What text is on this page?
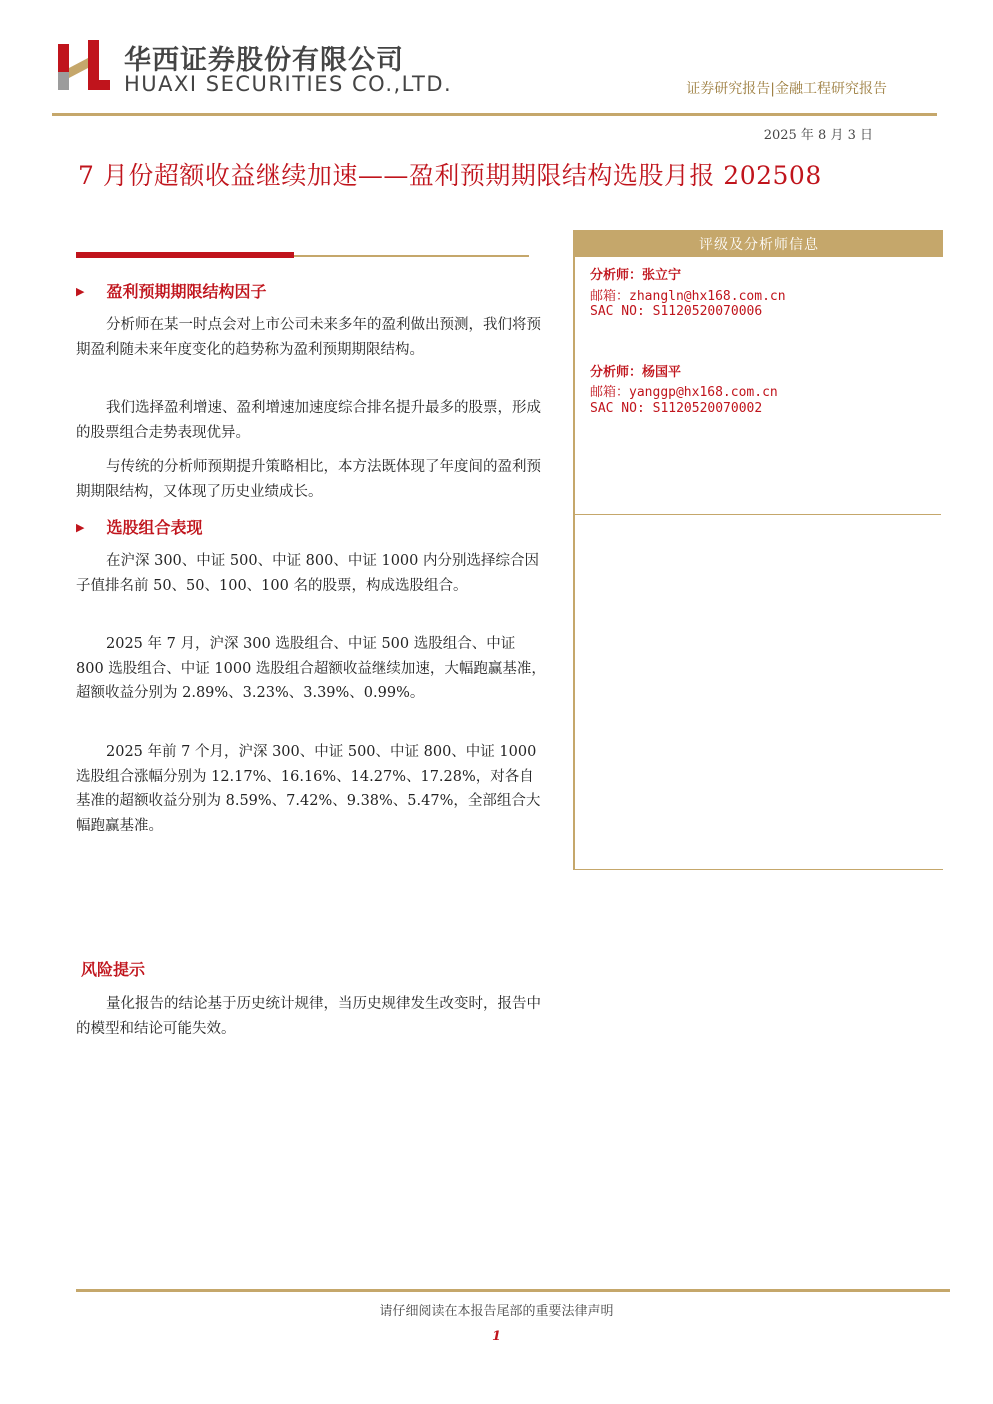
华西证券股份有限公司
HUAXI SECURITIES CO.,LTD.	证券研究报告|金融工程研究报告
2025 年 8 月 3 日
7 月份超额收益继续加速——盈利预期期限结构选股月报 202508
▶ 盈利预期期限结构因子

分析师在某一时点会对上市公司未来多年的盈利做出预测，我们将预期盈利随未来年度变化的趋势称为盈利预期期限结构。

我们选择盈利增速、盈利增速加速度综合排名提升最多的股票，形成的股票组合走势表现优异。

与传统的分析师预期提升策略相比，本方法既体现了年度间的盈利预期期限结构，又体现了历史业绩成长。

▶ 选股组合表现

在沪深 300、中证 500、中证 800、中证 1000 内分别选择综合因子值排名前 50、50、100、100 名的股票，构成选股组合。

2025 年 7 月，沪深 300 选股组合、中证 500 选股组合、中证 800 选股组合、中证 1000 选股组合超额收益继续加速，大幅跑赢基准，超额收益分别为 2.89%、3.23%、3.39%、0.99%。

2025 年前 7 个月，沪深 300、中证 500、中证 800、中证 1000 选股组合涨幅分别为 12.17%、16.16%、14.27%、17.28%，对各自基准的超额收益分别为 8.59%、7.42%、9.38%、5.47%，全部组合大幅跑赢基准。

风险提示

量化报告的结论基于历史统计规律，当历史规律发生改变时，报告中的模型和结论可能失效。

评级及分析师信息
分析师：张立宁
邮箱：zhangln@hx168.com.cn
SAC NO: S1120520070006
分析师：杨国平
邮箱：yanggp@hx168.com.cn
SAC NO: S1120520070002
请仔细阅读在本报告尾部的重要法律声明
1
